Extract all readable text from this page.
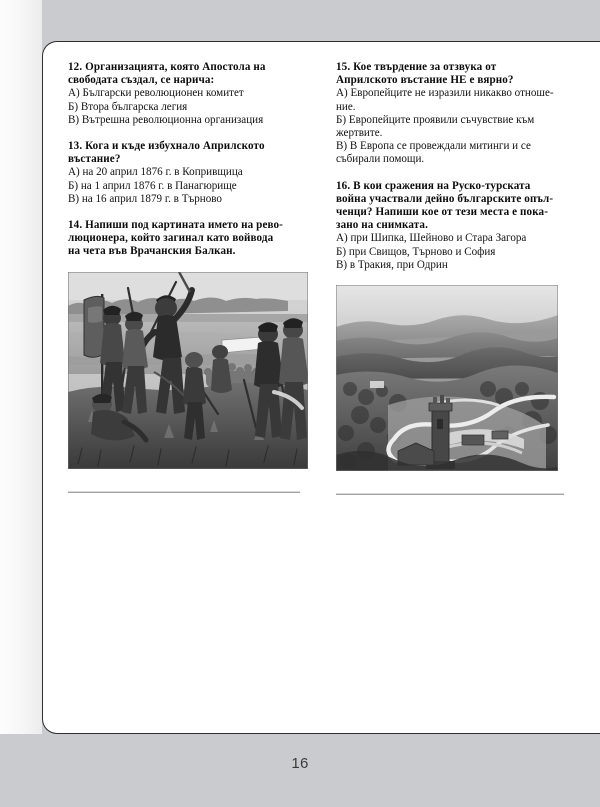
12. Организацията, която Апостола на
свободата създал, се нарича:
А) Български революционен комитет
Б) Втора българска легия
В) Вътрешна революционна организация
13. Кога и къде избухнало Априлското
въстание?
А) на 20 април 1876 г. в Копривщица
Б) на 1 април 1876 г. в Панагюрище
В) на 16 април 1879 г. в Търново
14. Напиши под картината името на рево-
люционера, който загинал като войвода
на чета във Врачанския Балкан.
15. Кое твърдение за отзвука от
Априлското въстание НЕ е вярно?
А) Европейците не изразили никакво отноше-
ние.
Б) Европейците проявили съчувствие към
жертвите.
В) В Европа се провеждали митинги и се
събирали помощи.
16. В кои сражения на Руско-турската
война участвали дейно българските опъл-
ченци? Напиши кое от тези места е пока-
зано на снимката.
А) при Шипка, Шейново и Стара Загора
Б) при Свищов, Търново и София
В) в Тракия, при Одрин
16
